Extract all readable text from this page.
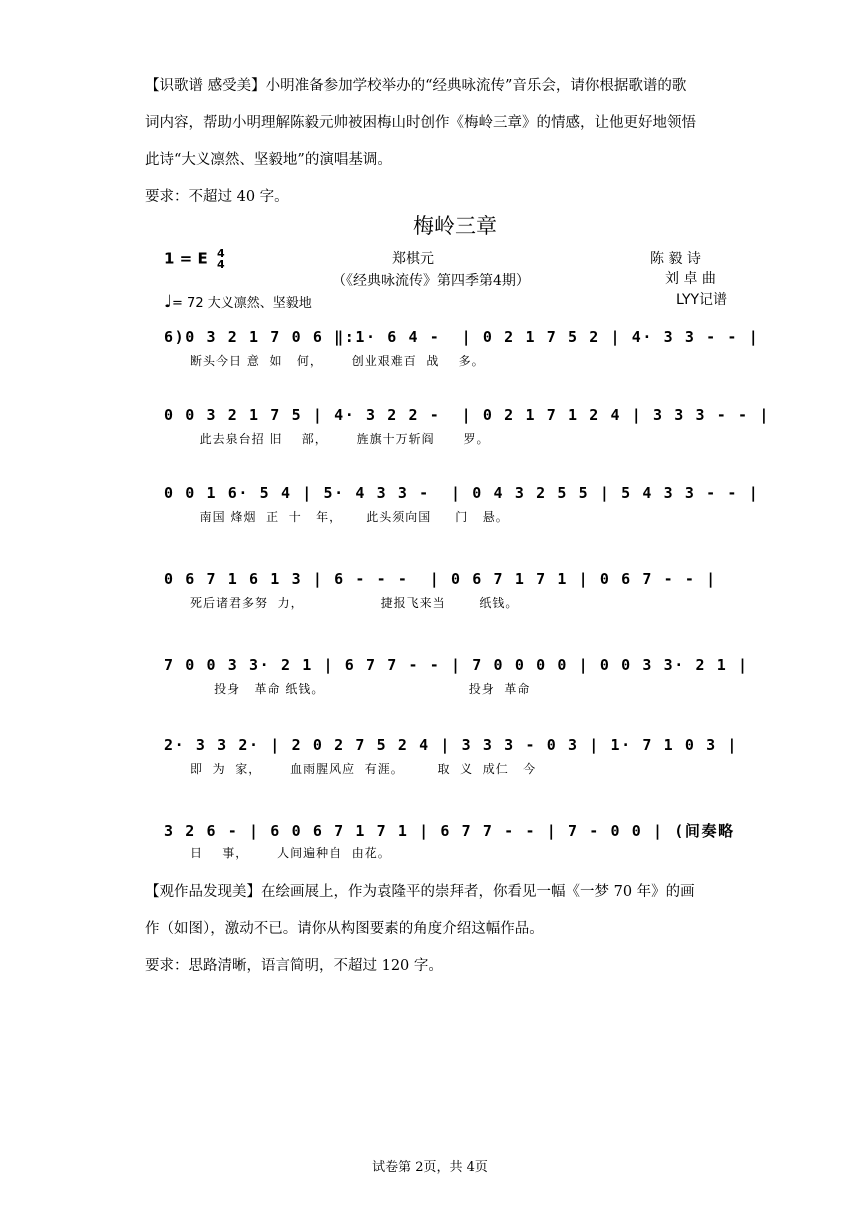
【识歌谱 感受美】小明准备参加学校举办的“经典咏流传”音乐会，请你根据歌谱的歌

词内容，帮助小明理解陈毅元帅被困梅山时创作《梅岭三章》的情感，让他更好地领悟

此诗“大义凛然、坚毅地”的演唱基调。

要求：不超过 40 字。

梅岭三章
1 = E 4
4	郑棋元
（《经典咏流传》第四季第4期）
陈 毅 诗
刘 卓 曲
LYY记谱
♩= 72 大义凛然、坚毅地
6)0 3 2 1 7 0 6 ‖:1· 6 4 -  | 0 2 1 7 5 2 | 4· 3 3 - - |
断头今日 意  如   何，      创业艰难百  战    多。
0 0 3 2 1 7 5 | 4· 3 2 2 -  | 0 2 1 7 1 2 4 | 3 3 3 - - |
此去泉台招 旧    部，      旌旗十万斩阎      罗。
0 0 1 6· 5 4 | 5· 4 3 3 -  | 0 4 3 2 5 5 | 5 4 3 3 - - |
南国 烽烟  正  十   年，     此头须向国     门   悬。
0 6 7 1 6 1 3 | 6 - - -  | 0 6 7 1 7 1 | 0 6 7 - - |
死后诸君多努  力，                捷报飞来当       纸钱。
7 0 0 3 3· 2 1 | 6 7 7 - - | 7 0 0 0 0 | 0 0 3 3· 2 1 |
投身   革命 纸钱。                              投身  革命
2· 3 3 2· | 2 0 2 7 5 2 4 | 3 3 3 - 0 3 | 1· 7 1 0 3 |
即  为  家，      血雨腥风应  有涯。       取  义  成仁   今
3 2 6 - | 6 0 6 7 1 7 1 | 6 7 7 - - | 7 - 0 0 | (间奏略
日    事，      人间遍种自  由花。

【观作品发现美】在绘画展上，作为袁隆平的崇拜者，你看见一幅《一梦 70 年》的画

作（如图），激动不已。请你从构图要素的角度介绍这幅作品。

要求：思路清晰，语言简明，不超过 120 字。

试卷第 2页，共 4页
